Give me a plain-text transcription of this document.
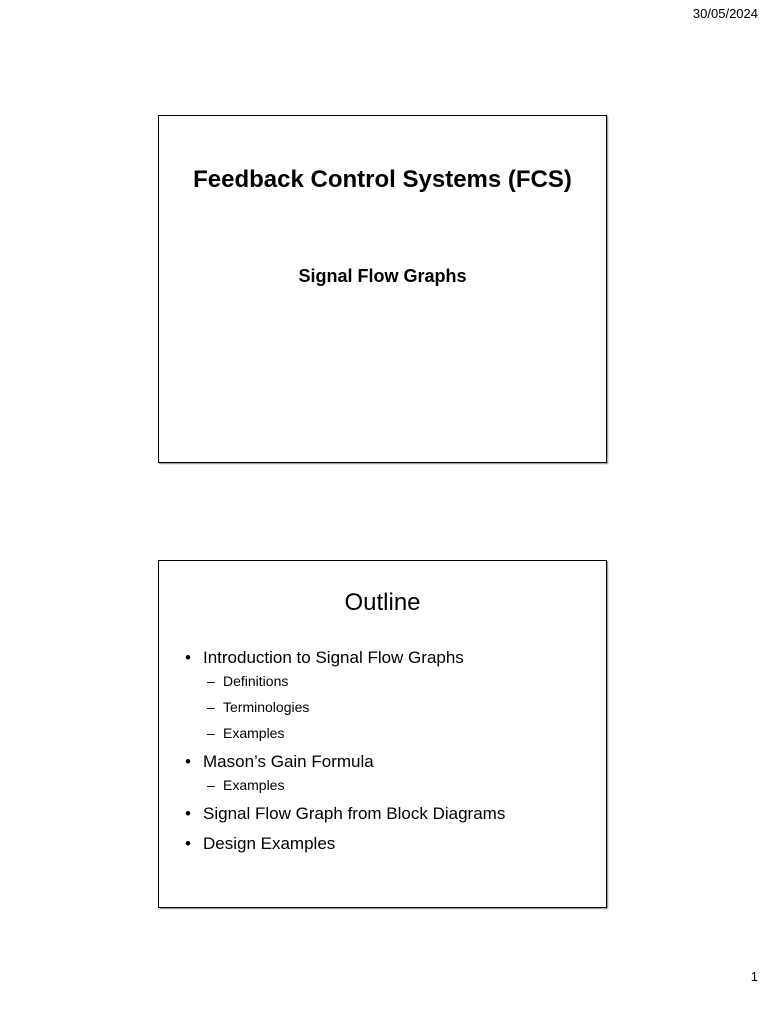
30/05/2024
Feedback Control Systems (FCS)
Signal Flow Graphs
Outline
• Introduction to Signal Flow Graphs
– Definitions
– Terminologies
– Examples
• Mason’s Gain Formula
– Examples
• Signal Flow Graph from Block Diagrams
• Design Examples
1
